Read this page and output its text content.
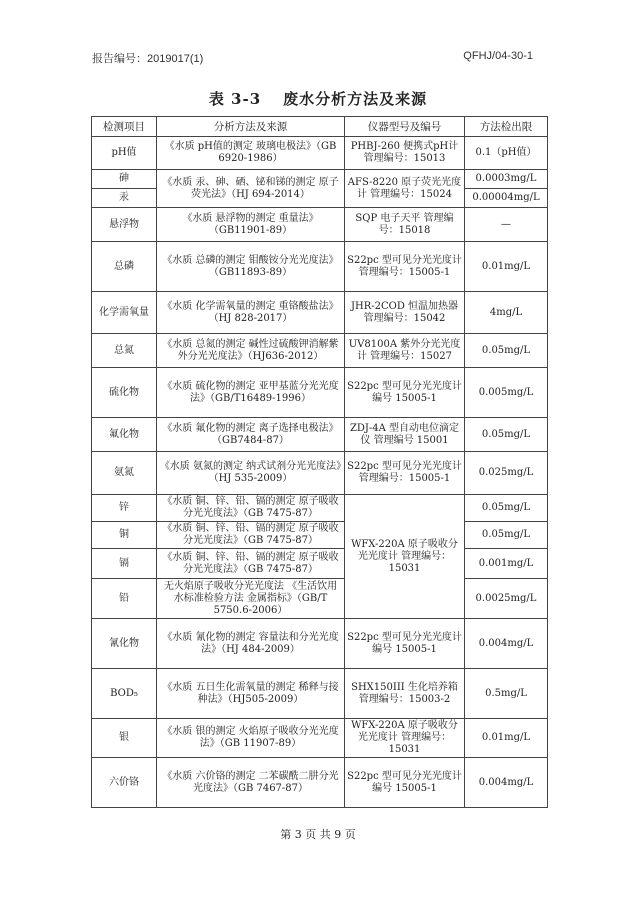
报告编号：2019017(1)	QFHJ/04-30-1
表 3-3 废水分析方法及来源
检测项目	分析方法及来源	仪器型号及编号	方法检出限
pH值	《水质 pH值的测定 玻璃电极法》（GB 6920-1986）	PHBJ-260 便携式pH计 管理编号：15013	0.1（pH值）
砷	《水质 汞、砷、硒、铋和锑的测定 原子荧光法》（HJ 694-2014）	AFS-8220 原子荧光光度计 管理编号：15024	0.0003mg/L
汞			0.00004mg/L
悬浮物	《水质 悬浮物的测定 重量法》（GB11901-89）	SQP 电子天平 管理编号：15018	—
总磷	《水质 总磷的测定 钼酸铵分光光度法》（GB11893-89）	S22pc 型可见分光光度计 管理编号：15005-1	0.01mg/L
化学需氧量	《水质 化学需氧量的测定 重铬酸盐法》（HJ 828-2017）	JHR-2COD 恒温加热器 管理编号：15042	4mg/L
总氮	《水质 总氮的测定 碱性过硫酸钾消解紫外分光光度法》（HJ636-2012）	UV8100A 紫外分光光度计 管理编号：15027	0.05mg/L
硫化物	《水质 硫化物的测定 亚甲基蓝分光光度法》（GB/T16489-1996）	S22pc 型可见分光光度计 编号 15005-1	0.005mg/L
氟化物	《水质 氟化物的测定 离子选择电极法》（GB7484-87）	ZDJ-4A 型自动电位滴定仪 管理编号 15001	0.05mg/L
氨氮	《水质 氨氮的测定 纳式试剂分光光度法》（HJ 535-2009）	S22pc 型可见分光光度计 管理编号：15005-1	0.025mg/L
锌	《水质 铜、锌、铅、镉的测定 原子吸收分光光度法》（GB 7475-87）	WFX-220A 原子吸收分光光度计 管理编号：15031	0.05mg/L
铜	《水质 铜、锌、铅、镉的测定 原子吸收分光光度法》（GB 7475-87）		0.05mg/L
镉	《水质 铜、锌、铅、镉的测定 原子吸收分光光度法》（GB 7475-87）		0.001mg/L
铅	无火焰原子吸收分光光度法 《生活饮用水标准检验方法 金属指标》（GB/T 5750.6-2006）		0.0025mg/L
氰化物	《水质 氰化物的测定 容量法和分光光度法》（HJ 484-2009）	S22pc 型可见分光光度计 编号 15005-1	0.004mg/L
BOD₅	《水质 五日生化需氧量的测定 稀释与接种法》（HJ505-2009）	SHX150III 生化培养箱 管理编号：15003-2	0.5mg/L
银	《水质 银的测定 火焰原子吸收分光光度法》（GB 11907-89）	WFX-220A 原子吸收分光光度计 管理编号：15031	0.01mg/L
六价铬	《水质 六价铬的测定 二苯碳酰二肼分光光度法》（GB 7467-87）	S22pc 型可见分光光度计 编号 15005-1	0.004mg/L
第 3 页 共 9 页
